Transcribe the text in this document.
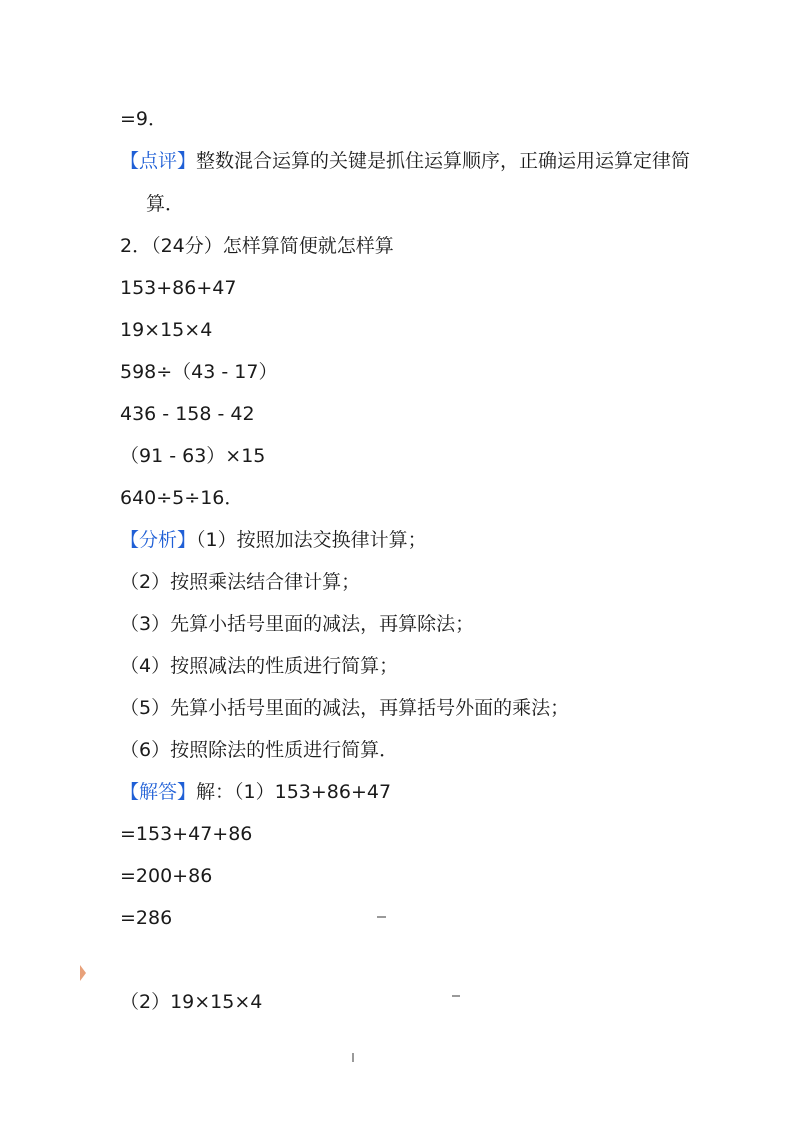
=9．
【点评】整数混合运算的关键是抓住运算顺序，正确运用运算定律简
算．
2．（24分）怎样算简便就怎样算
153+86+47
19×15×4
598÷（43 - 17）
436 - 158 - 42
（91 - 63）×15
640÷5÷16．
【分析】（1）按照加法交换律计算；
（2）按照乘法结合律计算；
（3）先算小括号里面的减法，再算除法；
（4）按照减法的性质进行简算；
（5）先算小括号里面的减法，再算括号外面的乘法；
（6）按照除法的性质进行简算．
【解答】解：（1）153+86+47
=153+47+86
=200+86
=286
（2）19×15×4
